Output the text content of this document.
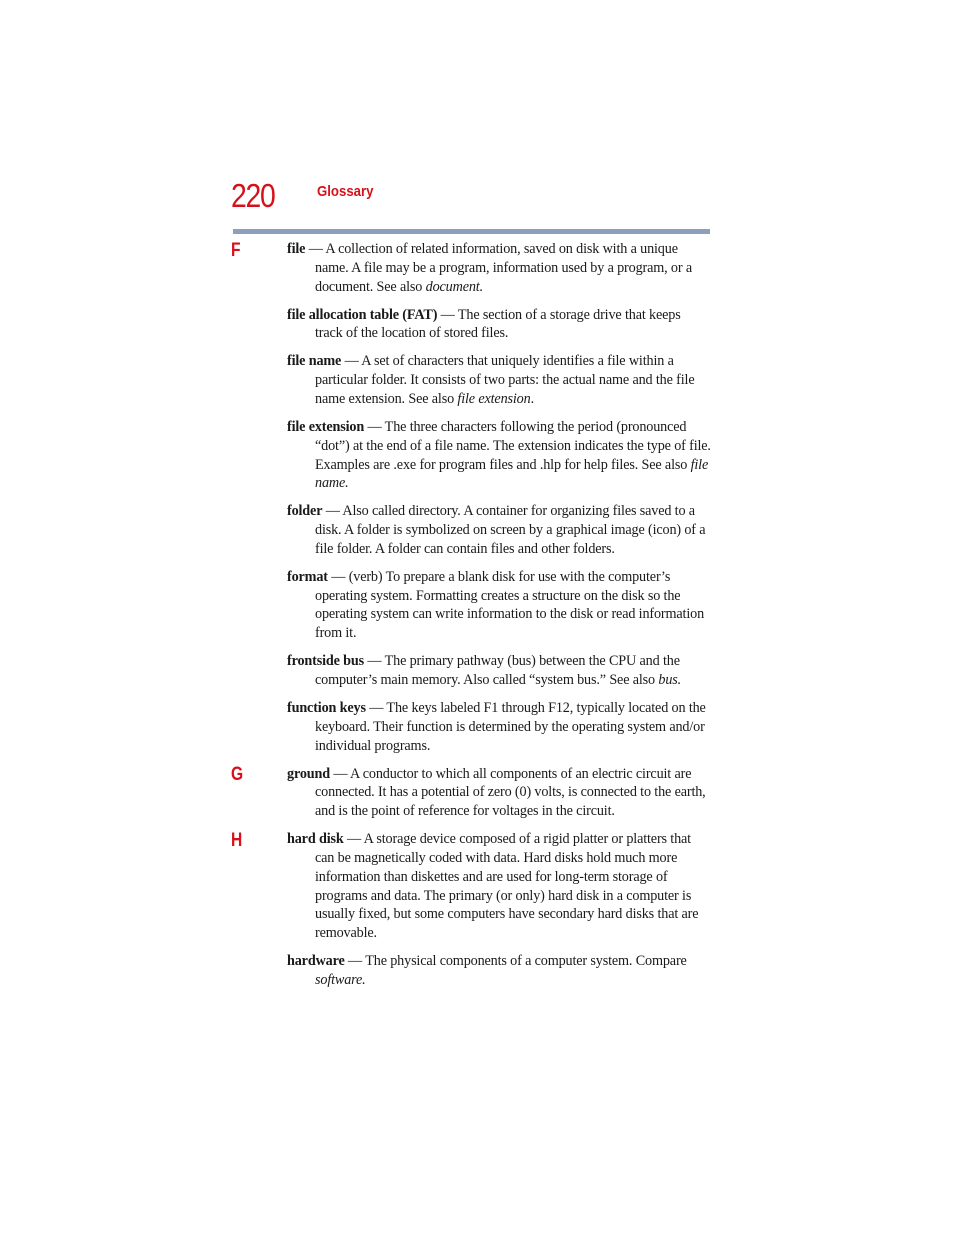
220	Glossary
F
G
H

file — A collection of related information, saved on disk with a unique name. A file may be a program, information used by a program, or a document. See also document.

file allocation table (FAT) — The section of a storage drive that keeps track of the location of stored files.

file name — A set of characters that uniquely identifies a file within a particular folder. It consists of two parts: the actual name and the file name extension. See also file extension.

file extension — The three characters following the period (pronounced “dot”) at the end of a file name. The extension indicates the type of file. Examples are .exe for program files and .hlp for help files. See also file name.

folder — Also called directory. A container for organizing files saved to a disk. A folder is symbolized on screen by a graphical image (icon) of a file folder. A folder can contain files and other folders.

format — (verb) To prepare a blank disk for use with the computer’s operating system. Formatting creates a structure on the disk so the operating system can write information to the disk or read information from it.

frontside bus — The primary pathway (bus) between the CPU and the computer’s main memory. Also called “system bus.” See also bus.

function keys — The keys labeled F1 through F12, typically located on the keyboard. Their function is determined by the operating system and/or individual programs.

ground — A conductor to which all components of an electric circuit are connected. It has a potential of zero (0) volts, is connected to the earth, and is the point of reference for voltages in the circuit.

hard disk — A storage device composed of a rigid platter or platters that can be magnetically coded with data. Hard disks hold much more information than diskettes and are used for long-term storage of programs and data. The primary (or only) hard disk in a computer is usually fixed, but some computers have secondary hard disks that are removable.

hardware — The physical components of a computer system. Compare software.
